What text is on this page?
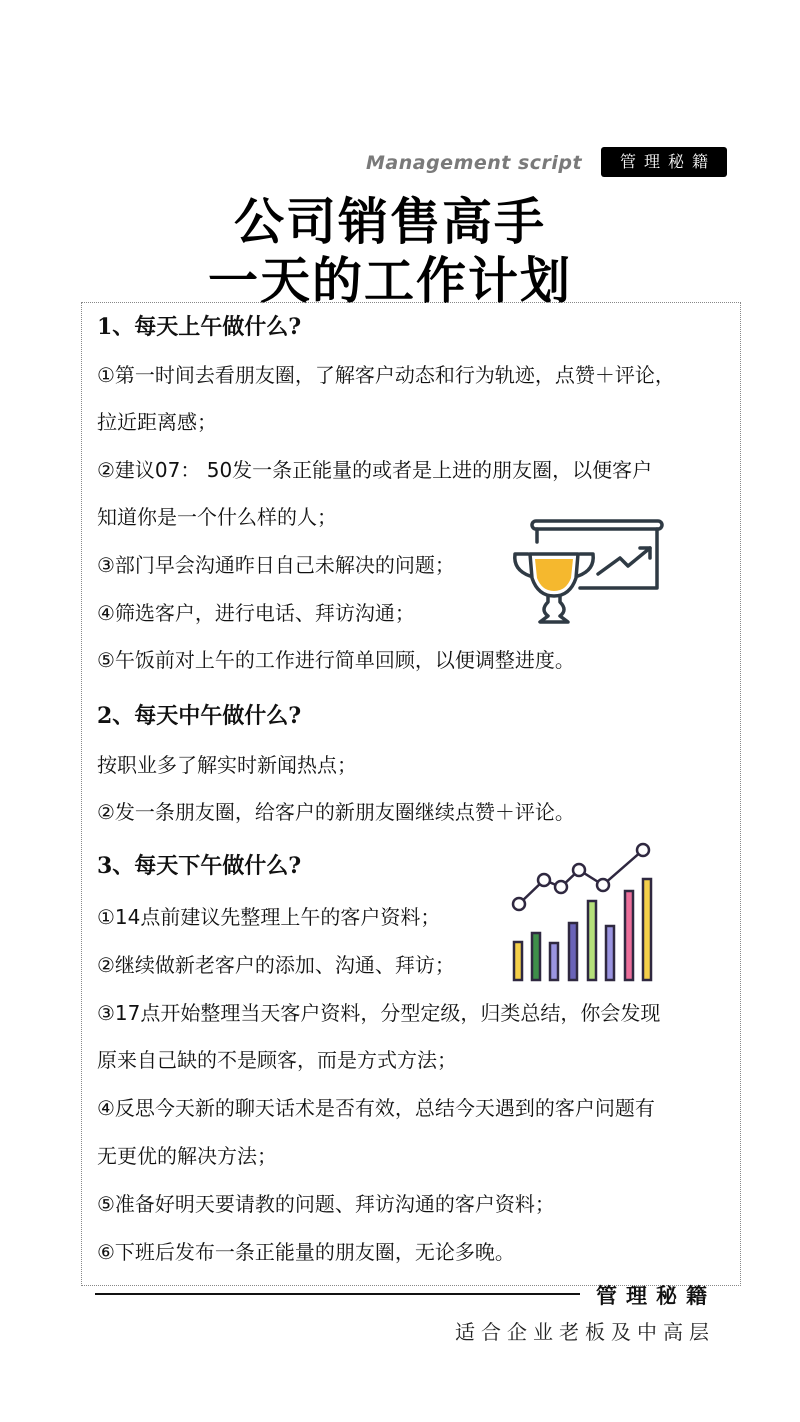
Management script	管理秘籍
公司销售高手
一天的工作计划
1、每天上午做什么?
①第一时间去看朋友圈，了解客户动态和行为轨迹，点赞＋评论，
拉近距离感；
②建议07： 50发一条正能量的或者是上进的朋友圈，以便客户
知道你是一个什么样的人；
③部门早会沟通昨日自己未解决的问题；
④筛选客户，进行电话、拜访沟通；
⑤午饭前对上午的工作进行简单回顾，以便调整进度。
2、每天中午做什么?
按职业多了解实时新闻热点；
②发一条朋友圈，给客户的新朋友圈继续点赞＋评论。
3、每天下午做什么?
①14点前建议先整理上午的客户资料；
②继续做新老客户的添加、沟通、拜访；
③17点开始整理当天客户资料，分型定级，归类总结，你会发现
原来自己缺的不是顾客，而是方式方法；
④反思今天新的聊天话术是否有效，总结今天遇到的客户问题有
无更优的解决方法；
⑤准备好明天要请教的问题、拜访沟通的客户资料；
⑥下班后发布一条正能量的朋友圈，无论多晚。
管理秘籍
适合企业老板及中高层
